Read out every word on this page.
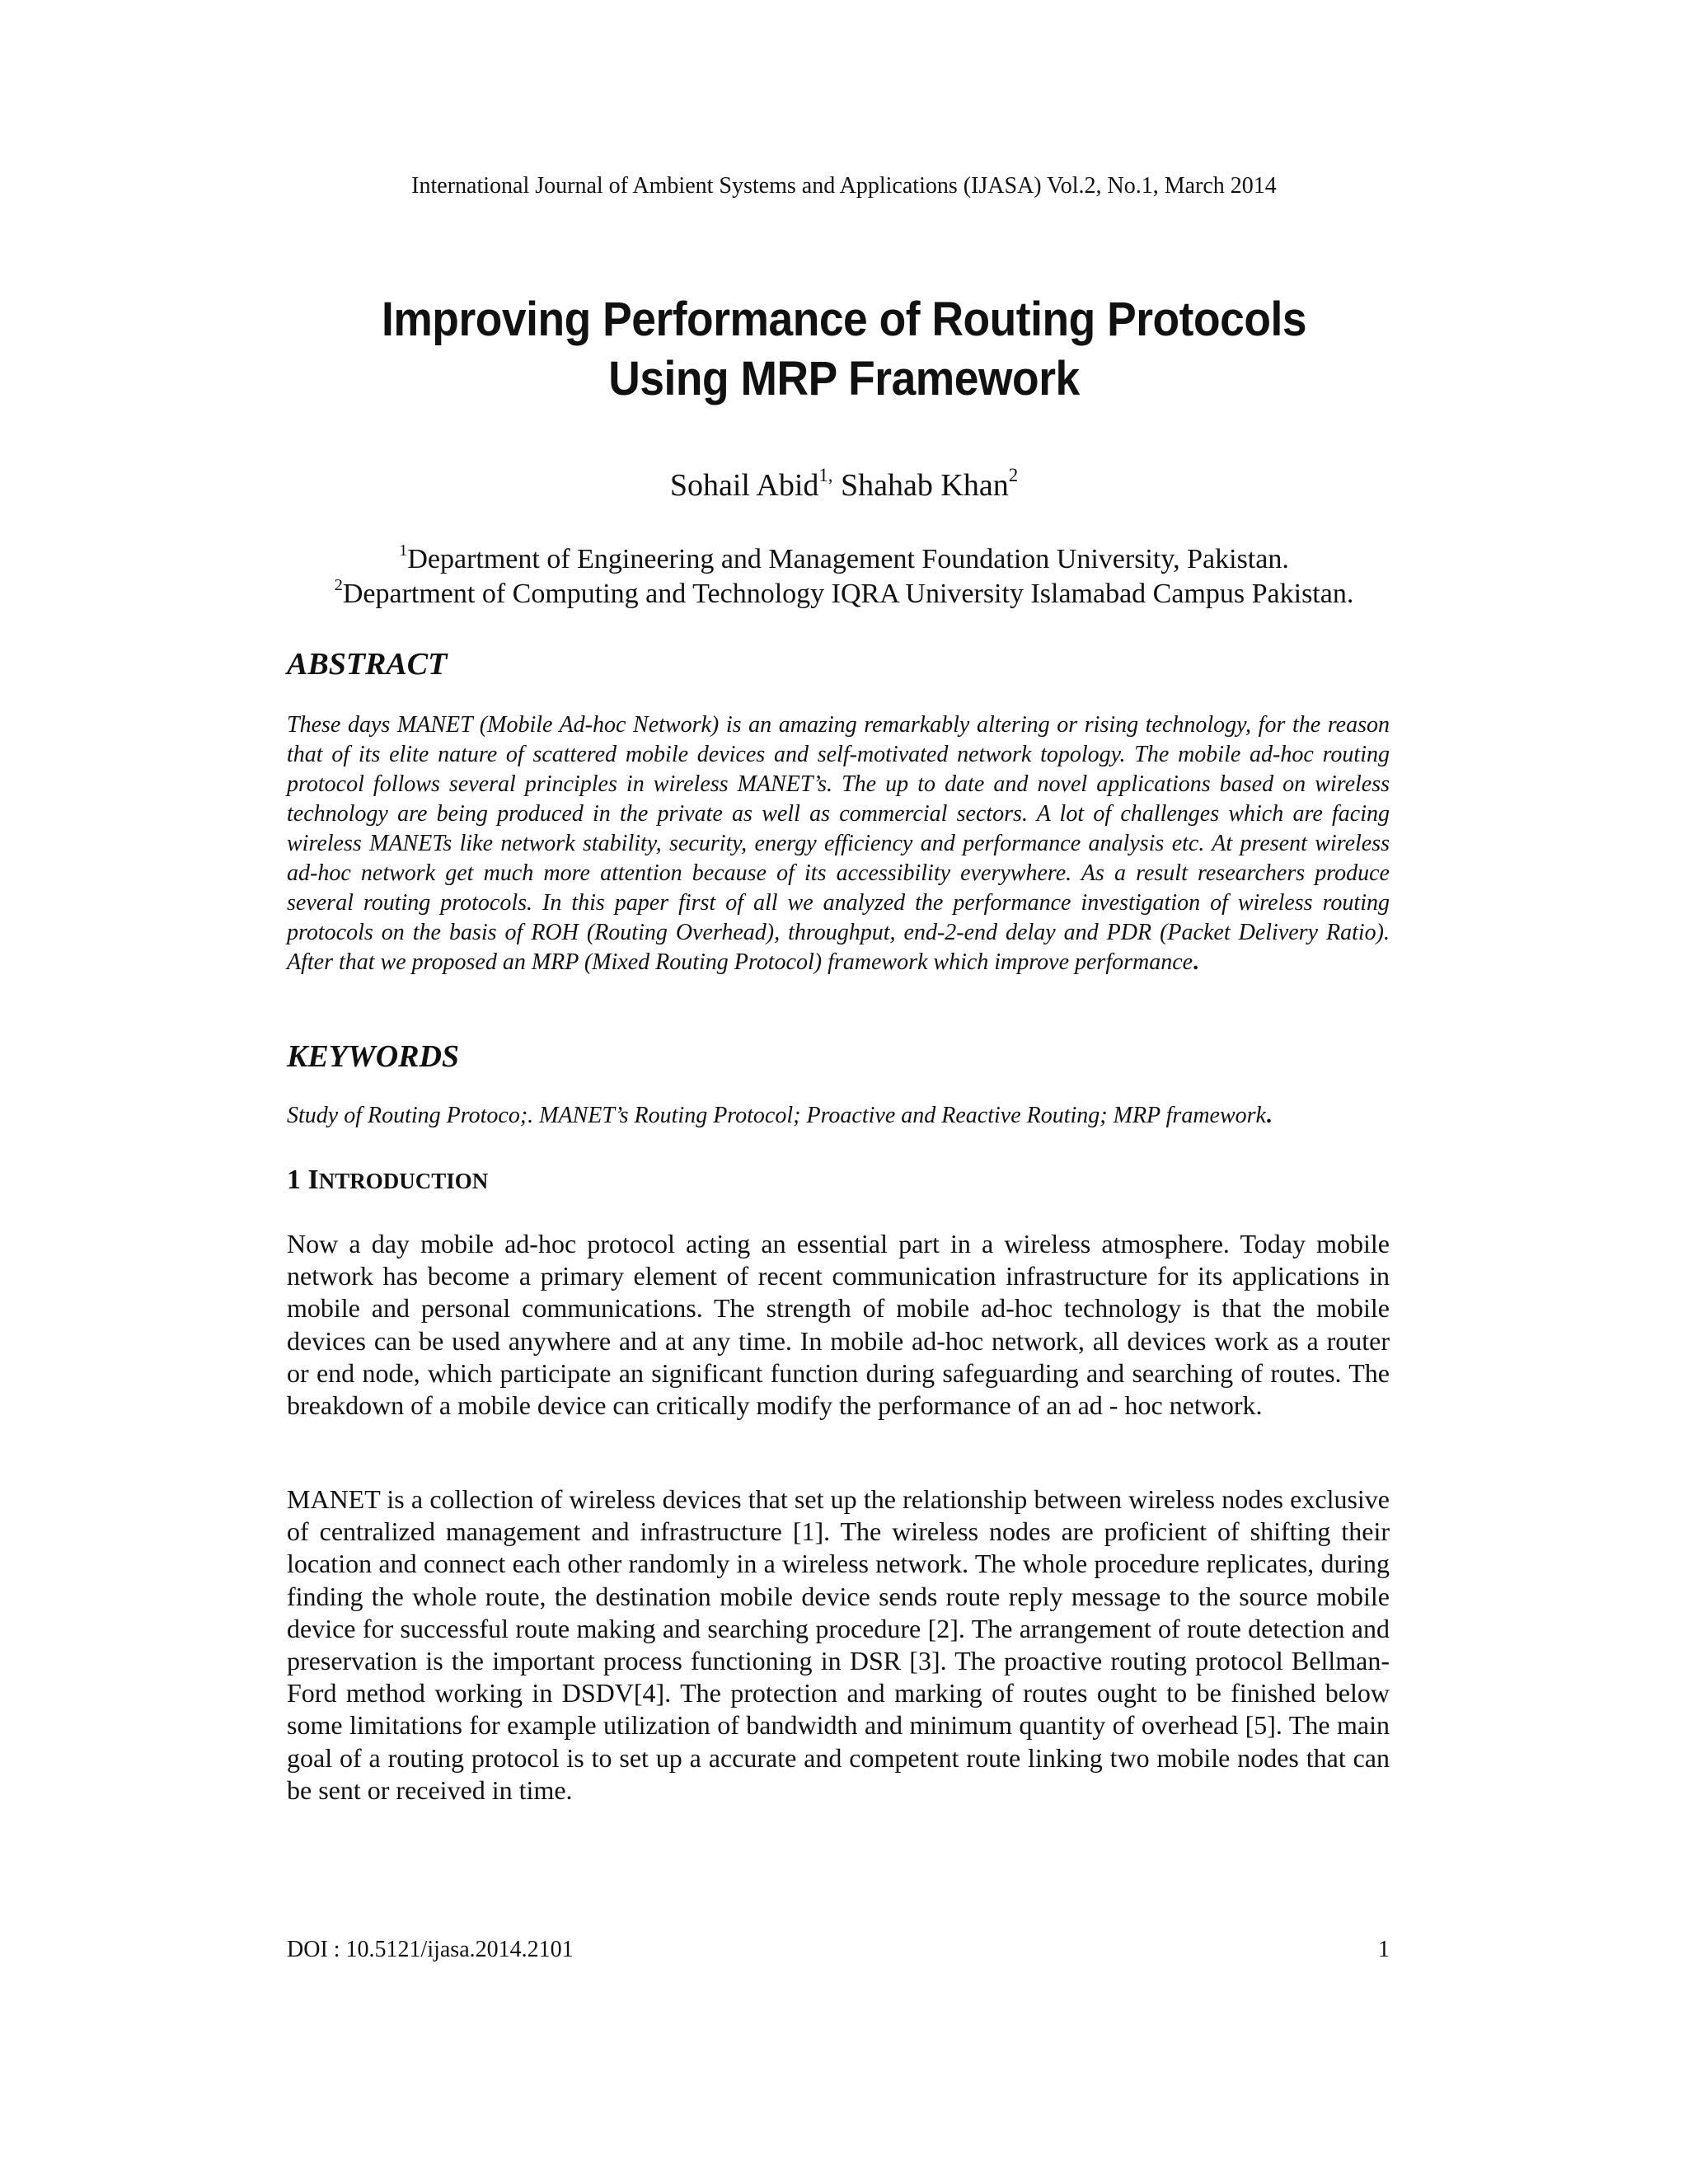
International Journal of Ambient Systems and Applications (IJASA) Vol.2, No.1, March 2014
Improving Performance of Routing Protocols
Using MRP Framework
Sohail Abid$^{1,}$ Shahab Khan$^2$
$^1$Department of Engineering and Management Foundation University, Pakistan.
$^2$Department of Computing and Technology IQRA University Islamabad Campus Pakistan.
ABSTRACT
These days MANET (Mobile Ad-hoc Network) is an amazing remarkably altering or rising technology, for the reason that of its elite nature of scattered mobile devices and self-motivated network topology. The mobile ad-hoc routing protocol follows several principles in wireless MANET’s. The up to date and novel applications based on wireless technology are being produced in the private as well as commercial sectors. A lot of challenges which are facing wireless MANETs like network stability, security, energy efficiency and performance analysis etc. At present wireless ad-hoc network get much more attention because of its accessibility everywhere. As a result researchers produce several routing protocols. In this paper first of all we analyzed the performance investigation of wireless routing protocols on the basis of ROH (Routing Overhead), throughput, end-2-end delay and PDR (Packet Delivery Ratio). After that we proposed an MRP (Mixed Routing Protocol) framework which improve performance.
KEYWORDS
Study of Routing Protoco;. MANET’s Routing Protocol; Proactive and Reactive Routing; MRP framework.
1 INTRODUCTION
Now a day mobile ad-hoc protocol acting an essential part in a wireless atmosphere. Today mobile network has become a primary element of recent communication infrastructure for its applications in mobile and personal communications. The strength of mobile ad-hoc technology is that the mobile devices can be used anywhere and at any time. In mobile ad-hoc network, all devices work as a router or end node, which participate an significant function during safeguarding and searching of routes. The breakdown of a mobile device can critically modify the performance of an ad - hoc network.
MANET is a collection of wireless devices that set up the relationship between wireless nodes exclusive of centralized management and infrastructure [1]. The wireless nodes are proficient of shifting their location and connect each other randomly in a wireless network. The whole procedure replicates, during finding the whole route, the destination mobile device sends route reply message to the source mobile device for successful route making and searching procedure [2]. The arrangement of route detection and preservation is the important process functioning in DSR [3]. The proactive routing protocol Bellman-Ford method working in DSDV[4]. The protection and marking of routes ought to be finished below some limitations for example utilization of bandwidth and minimum quantity of overhead [5]. The main goal of a routing protocol is to set up a accurate and competent route linking two mobile nodes that can be sent or received in time.
DOI : 10.5121/ijasa.2014.2101	1
